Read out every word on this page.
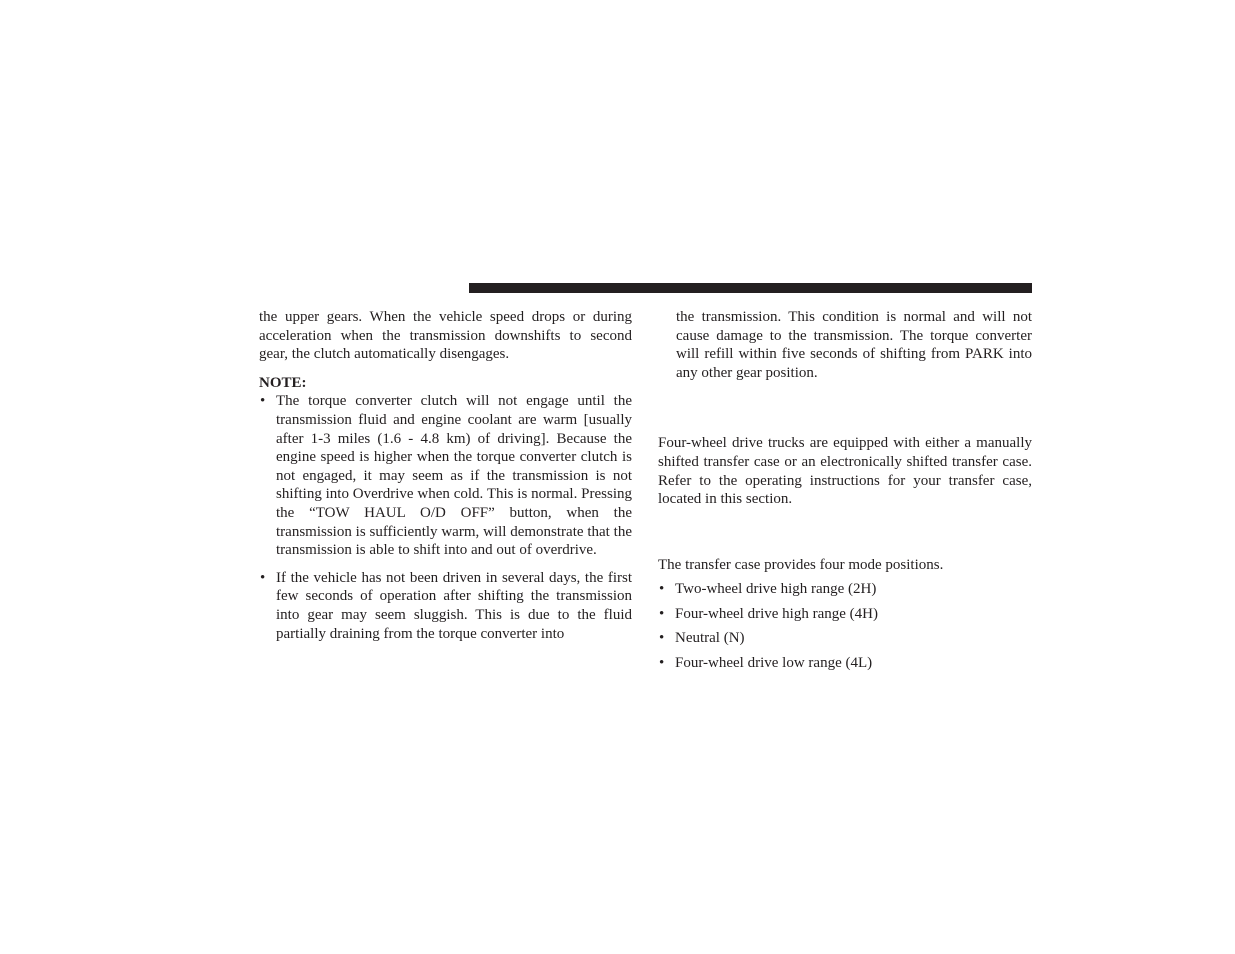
the upper gears. When the vehicle speed drops or during acceleration when the transmission downshifts to second gear, the clutch automatically disengages.

NOTE:
• The torque converter clutch will not engage until the transmission fluid and engine coolant are warm [usually after 1-3 miles (1.6 - 4.8 km) of driving]. Because the engine speed is higher when the torque converter clutch is not engaged, it may seem as if the transmission is not shifting into Overdrive when cold. This is normal. Pressing the “TOW HAUL O/D OFF” button, when the transmission is sufficiently warm, will demonstrate that the transmission is able to shift into and out of overdrive.
• If the vehicle has not been driven in several days, the first few seconds of operation after shifting the transmission into gear may seem sluggish. This is due to the fluid partially draining from the torque converter into

the transmission. This condition is normal and will not cause damage to the transmission. The torque converter will refill within five seconds of shifting from PARK into any other gear position.

Four-wheel drive trucks are equipped with either a manually shifted transfer case or an electronically shifted transfer case. Refer to the operating instructions for your transfer case, located in this section.

The transfer case provides four mode positions.

• Two-wheel drive high range (2H)
• Four-wheel drive high range (4H)
• Neutral (N)
• Four-wheel drive low range (4L)
